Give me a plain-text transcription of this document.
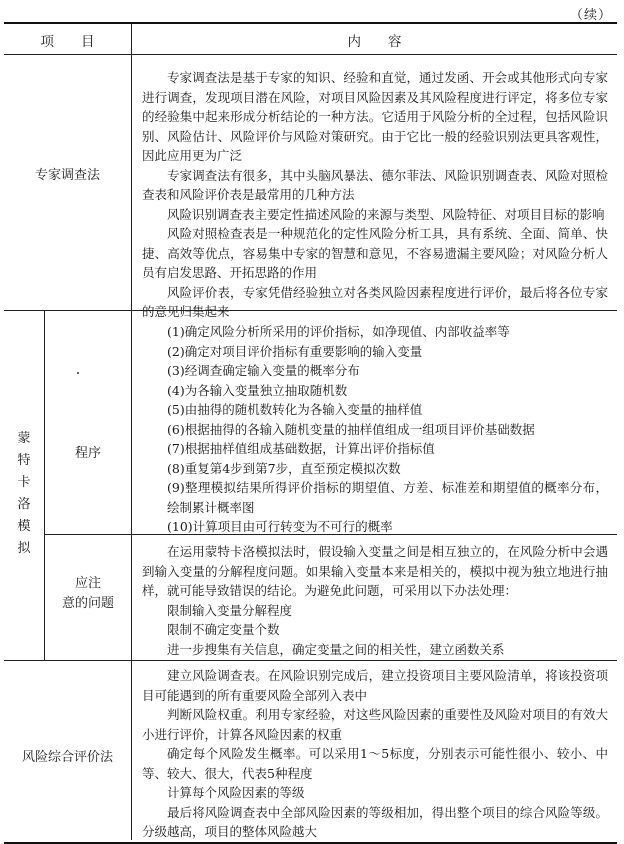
（续）
项　　目	内　　容
专家调查法

专家调查法是基于专家的知识、经验和直觉，通过发函、开会或其他形式向专家进行调查，发现项目潜在风险，对项目风险因素及其风险程度进行评定，将多位专家的经验集中起来形成分析结论的一种方法。它适用于风险分析的全过程，包括风险识别、风险估计、风险评价与风险对策研究。由于它比一般的经验识别法更具客观性，因此应用更为广泛

专家调查法有很多，其中头脑风暴法、德尔菲法、风险识别调查表、风险对照检查表和风险评价表是最常用的几种方法

风险识别调查表主要定性描述风险的来源与类型、风险特征、对项目目标的影响

风险对照检查表是一种规范化的定性风险分析工具，具有系统、全面、简单、快捷、高效等优点，容易集中专家的智慧和意见，不容易遗漏主要风险；对风险分析人员有启发思路、开拓思路的作用

风险评价表，专家凭借经验独立对各类风险因素程度进行评价，最后将各位专家的意见归集起来

蒙
特
卡
洛
模
拟
程序

(1)确定风险分析所采用的评价指标，如净现值、内部收益率等

(2)确定对项目评价指标有重要影响的输入变量

(3)经调查确定输入变量的概率分布

(4)为各输入变量独立抽取随机数

(5)由抽得的随机数转化为各输入变量的抽样值

(6)根据抽得的各输入随机变量的抽样值组成一组项目评价基础数据

(7)根据抽样值组成基础数据，计算出评价指标值

(8)重复第4步到第7步，直至预定模拟次数

(9)整理模拟结果所得评价指标的期望值、方差、标准差和期望值的概率分布，绘制累计概率图

(10)计算项目由可行转变为不可行的概率

应注
意的问题

在运用蒙特卡洛模拟法时，假设输入变量之间是相互独立的，在风险分析中会遇到输入变量的分解程度问题。如果输入变量本来是相关的，模拟中视为独立地进行抽样，就可能导致错误的结论。为避免此问题，可采用以下办法处理：

限制输入变量分解程度

限制不确定变量个数

进一步搜集有关信息，确定变量之间的相关性，建立函数关系

风险综合评价法

建立风险调查表。在风险识别完成后，建立投资项目主要风险清单，将该投资项目可能遇到的所有重要风险全部列入表中

判断风险权重。利用专家经验，对这些风险因素的重要性及风险对项目的有效大小进行评价，计算各风险因素的权重

确定每个风险发生概率。可以采用1～5标度，分别表示可能性很小、较小、中等、较大、很大，代表5种程度

计算每个风险因素的等级

最后将风险调查表中全部风险因素的等级相加，得出整个项目的综合风险等级。分级越高，项目的整体风险越大
